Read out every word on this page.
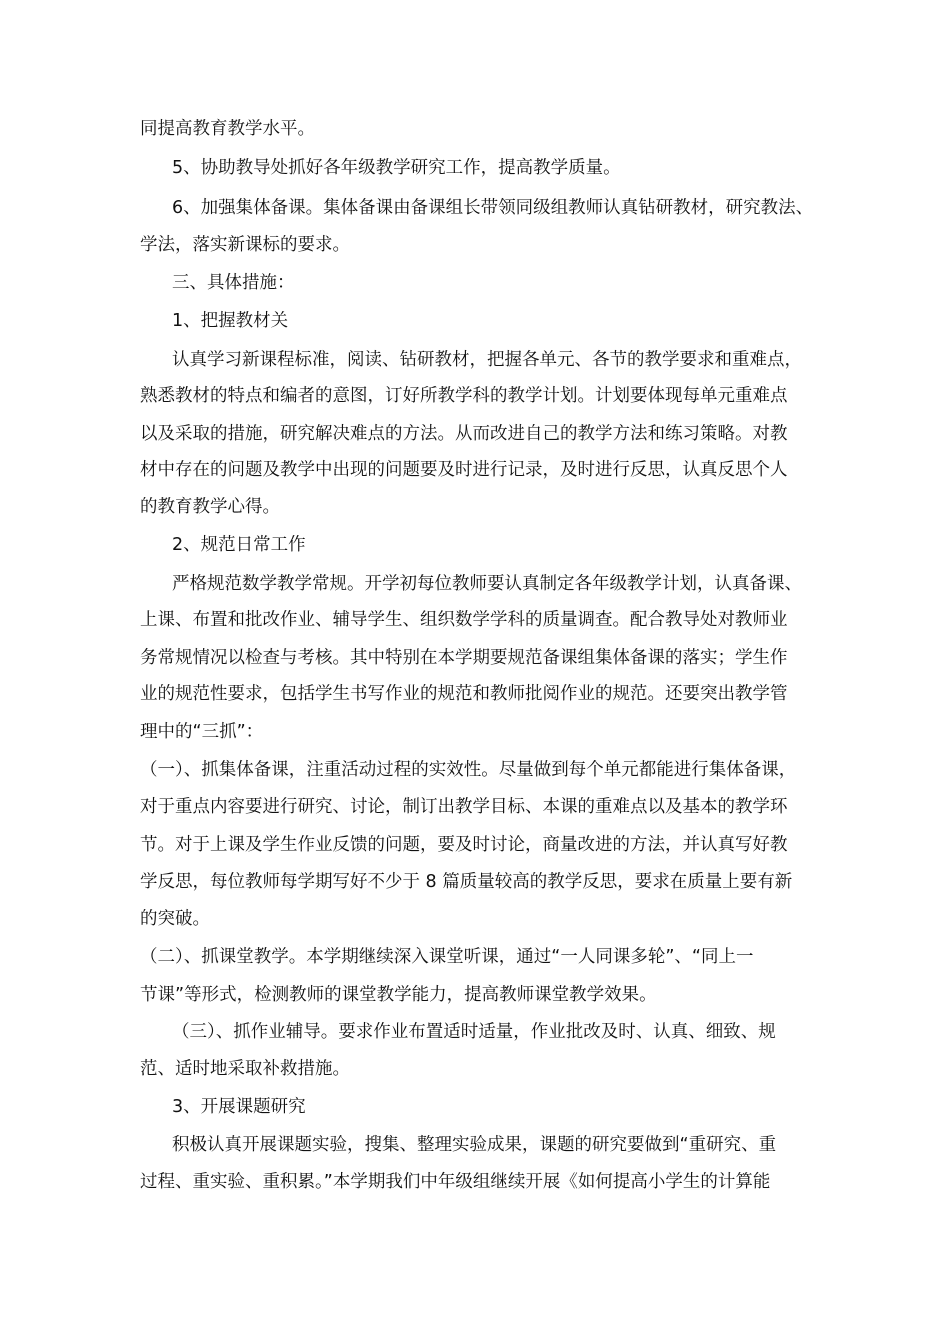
同提高教育教学水平。
5、协助教导处抓好各年级教学研究工作，提高教学质量。
6、加强集体备课。集体备课由备课组长带领同级组教师认真钻研教材，研究教法、
学法，落实新课标的要求。
三、具体措施：
1、把握教材关
认真学习新课程标准，阅读、钻研教材，把握各单元、各节的教学要求和重难点，
熟悉教材的特点和编者的意图，订好所教学科的教学计划。计划要体现每单元重难点
以及采取的措施，研究解决难点的方法。从而改进自己的教学方法和练习策略。对教
材中存在的问题及教学中出现的问题要及时进行记录，及时进行反思，认真反思个人
的教育教学心得。
2、规范日常工作
严格规范数学教学常规。开学初每位教师要认真制定各年级教学计划，认真备课、
上课、布置和批改作业、辅导学生、组织数学学科的质量调查。配合教导处对教师业
务常规情况以检查与考核。其中特别在本学期要规范备课组集体备课的落实；学生作
业的规范性要求，包括学生书写作业的规范和教师批阅作业的规范。还要突出教学管
理中的“三抓”：
（一）、抓集体备课，注重活动过程的实效性。尽量做到每个单元都能进行集体备课，
对于重点内容要进行研究、讨论，制订出教学目标、本课的重难点以及基本的教学环
节。对于上课及学生作业反馈的问题，要及时讨论，商量改进的方法，并认真写好教
学反思，每位教师每学期写好不少于 8 篇质量较高的教学反思，要求在质量上要有新
的突破。
（二）、抓课堂教学。本学期继续深入课堂听课，通过“一人同课多轮”、“同上一
节课”等形式，检测教师的课堂教学能力，提高教师课堂教学效果。
（三）、抓作业辅导。要求作业布置适时适量，作业批改及时、认真、细致、规
范、适时地采取补救措施。
3、开展课题研究
积极认真开展课题实验，搜集、整理实验成果，课题的研究要做到“重研究、重
过程、重实验、重积累。”本学期我们中年级组继续开展《如何提高小学生的计算能
